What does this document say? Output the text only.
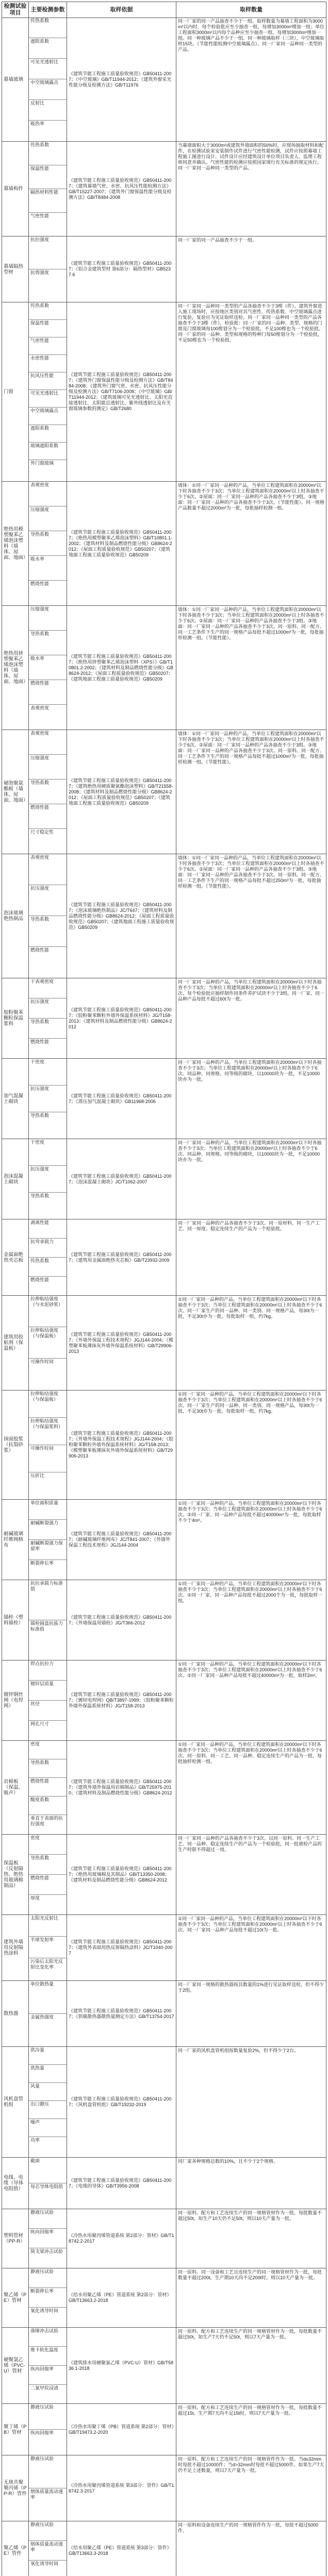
检测试验项目
主要检测参数	取样依据	取样数量
幕墙玻璃
传热系数
遮阳系数
可见光透射比
中空玻璃露点
反射比
吸热率
《建筑节能工程施工质量验收规范》GB50411-2007；《中空玻璃》GB/T11944-2012；《建筑外窗采光性能分级及检测方法》GB/T11976
同一厂家的同一产品抽查不少于一组。取样数量为幕墙工程面积为3000m²以内时，每个检验批应至少抽查一组，每增加3000m²增加一组；单位工程面积3000m²以内每个品种应至少抽查一组，每增加3000m²增加一组。同一种玻璃产品不少于一组。同一种玻璃取样（三块），中空玻璃取样15块。（节能性能检测中空玻璃露点）。同一厂家同一品种同一类型的产品。
幕墙构件
传热系数
保温性能
隔热材料性能
气密性能
《建筑节能工程施工质量验收规范》GB50411-2007；《建筑幕墙气密、水密、抗风压性能检测方法》GB/T15227-2007；《建筑外门窗保温性能分级及检测方法》GB/T8484-2008
当幕墙面积大于3000m²或建筑外墙面积的50%时，应现场抽取材料和配件，在检测试验室安装制作试件进行气密性能检测，试件应按照幕墙工程施工图进行设计。试件设计应经建筑设计单位项目负责人、监理工程师同意并确认。气密性能的检测应按照国家现行有关标准的规定执行。同一厂家同一品种同一类型的产品。
幕墙隔热型材
抗拉强度
抗剪强度
《建筑节能工程施工质量验收规范》GB50411-2007；《铝合金建筑型材 第6部分：隔热型材》GB5237.6
同一厂家的同一产品抽查不少于一组。
门窗
传热系数
保温性能
气密性能
水密性能
抗风压性能
可见光透射比
中空玻璃露点
遮阳系数
玻璃遮阳系数
外门窗玻璃
《建筑节能工程施工质量验收规范》GB50411-2007；《建筑外门窗保温性能分级及检测方法》GB/T8484-2008；《建筑外门窗气密、水密、抗风压性能分级及检测方法》GB/T7106-2008；《中空玻璃》GB/T11944-2012；《建筑玻璃可见光透射比、太阳光直接透射比、太阳能总透射比、紫外线透射比及有关窗玻璃参数的测定》GB/T2680
同一厂家同一品种同一类型的产品各抽查不少于3樘（件）。建筑外窗进入施工现场时，应按地区类别对其气密性、传热系数、中空玻璃露点进行复验，复验应为见证取样送检。同一厂家同一品种同一类型的产品各抽查不少于3樘（件），检验批：同一厂家的同一品种、类型、规格的门窗及门窗玻璃每100樘划分为一个检验批，不足100樘也为一个检验批。同一厂家的同一品种、类型和规格的特种门每50樘划分为一个检验批，不足50樘也为一个检验批。
绝热用模塑聚苯乙烯泡沫塑料（墙体、屋面、地面）
表观密度
压缩强度
导热系数
吸水率
燃烧性能
《建筑节能工程施工质量验收规范》GB50411-2007；《绝热用模塑聚苯乙烯泡沫塑料》GB/T10801.1-2002；《建筑材料及制品燃烧性能分级》GB8624-2012；《屋面工程质量验收规范》GB50207；《建筑地面工程施工质量验收规范》GB50209
墙体：①同一厂家同一品种的产品，当单位工程建筑面积在20000m²以下时各抽查不少于3次；当单位工程建筑面积在20000m²以上时各抽查不少于6次。②屋面：同一厂家同一品种的产品各抽查不少于3组。③地面：同一厂家同一品种的产品各抽查不少于3次。（节能性能）。同一规格产品数量不超过2000m³为一批，每批抽样检测一组。
绝热用挤塑聚苯乙烯泡沫塑料（墙体、屋面、地面）
压缩强度
导热系数
吸水率
燃烧性能
表观密度
《建筑节能工程施工质量验收规范》GB50411-2007；《绝热用挤塑聚苯乙烯泡沫塑料（XPS）》GB/T10801.2-2002；《建筑材料及制品燃烧性能分级》GB8624-2012；《屋面工程质量验收规范》GB50207；《建筑地面工程施工质量验收规范》GB50209
墙体：①同一厂家同一品种的产品，当单位工程建筑面积在20000m²以下时各抽查不少于3次；当单位工程建筑面积在20000m²以上时各抽查不少于6次。②屋面：同一厂家同一品种的产品各抽查不少于3组。③地面：同一厂家同一品种的产品各抽查不少于3次。同一原料、同一配方、同一工艺条件下生产的同一规格产品每批不超过1000m³为一批，每批抽样检测一组。（节能性能）。
硬泡聚氨酯板（墙体、屋面、地面）
表观密度
压缩强度
导热系数
燃烧性能
尺寸稳定性
《建筑节能工程施工质量验收规范》GB50411-2007；《建筑绝热用硬质聚氨酯泡沫塑料》GB/T21558-2008；《建筑材料及制品燃烧性能分级》GB8624-2012；《屋面工程质量验收规范》GB50207；《建筑地面工程施工质量验收规范》GB50209
墙体：①同一厂家同一品种的产品，当单位工程建筑面积在20000m²以下时各抽查不少于3次；当单位工程建筑面积在20000m²以上时各抽查不少于6次。②屋面：同一厂家同一品种的产品各抽查不少于3组。③地面：同一厂家同一品种的产品各抽查不少于3次。同一原料、同一配方、同一工艺条件下生产的同一规格产品每批不超过1000m³为一批，每批抽样检测一组。（节能性能）。
泡沫玻璃绝热制品
表观密度
抗压强度
导热系数
燃烧性能
《建筑节能工程施工质量验收规范》GB50411-2007；《泡沫玻璃绝热制品》JC/T647；《建筑材料及制品燃烧性能分级》GB8624-2012；《屋面工程质量验收规范》GB50207；《建筑地面工程施工质量验收规范》GB50209
墙体：①同一厂家同一品种的产品，当单位工程建筑面积在20000m²以下时各抽查不少于3次；当单位工程建筑面积在20000m²以上时各抽查不少于6次。②屋面：同一厂家同一品种的产品各抽查不少于3组。③地面：同一厂家同一品种的产品各抽查不少于3次。同一原料、同一配方、同一工艺条件下生产的同一规格产品每批不超过250m³为一批，每批抽样检测一组。（节能性能）。
胶粉聚苯颗粒保温浆料
干表观密度
抗压强度
导热系数
燃烧性能
《建筑节能工程施工质量验收规范》GB50411-2007；《胶粉聚苯颗粒外墙外保温系统材料》JG/T158-2013；《建筑材料及制品燃烧性能分级》GB8624-2012
同一厂家同一品种的产品，当单位工程建筑面积在20000m²以下时各抽查不少于3次；当单位工程建筑面积在20000m²以上时各抽查不少于6次。每个检验批应抽样制作同条件养护试块不少于3组。同一厂家、同一品种产品每批不超过60t为一批。
加气混凝土砌块
干密度
抗压强度
导热系数
《建筑节能工程施工质量验收规范》GB50411-2007；《蒸压加气混凝土砌块》GB11968-2006
同一厂家同一品种的产品，当单位工程建筑面积在20000m²以下时各抽查不少于3次；当单位工程建筑面积在20000m²以上时各抽查不少于6次。同品种、同规格、同等级的砌块，以10000块为一批，不足10000块亦为一批。
泡沫混凝土砌块
干密度
抗压强度
导热系数
《建筑节能工程施工质量验收规范》GB50411-2007；《泡沫混凝土砌块》JC/T1062-2007
同一厂家同一品种的产品，当单位工程建筑面积在20000m²以下时各抽查不少于3次；当单位工程建筑面积在20000m²以上时各抽查不少于6次。同品种、同规格、同等级的砌块，以10000块为一批，不足10000块亦为一批。
金属面绝热夹芯板
剥离性能
抗弯承载力
传热系数
燃烧性能
《建筑节能工程施工质量验收规范》GB50411-2007；《建筑用金属面绝热夹芯板》GB/T23932-2009
同一厂家同一品种的产品各抽查不少于3次。同一原材料、同一生产工艺、同一厚度、稳定连续生产的产品为一个检验批。
建筑用胶粘剂（保温板）
拉伸粘结强度（与水泥砂浆）
拉伸粘结强度（与保温板）
可操作时间
《建筑节能工程施工质量验收规范》GB50411-2007；《外墙外保温工程技术规程》JGJ144-2004；《模塑聚苯板薄抹灰外墙外保温系统材料》GB/T29906-2013
①同一厂家同一品种的产品，当单位工程建筑面积在20000m²以下时各抽查不少于3次；当单位工程建筑面积在20000m²以上时各抽查不少于6次。同一厂家生产的同一品种、同一类别、同一规格产品，每30t为一批，不足30t亦为一批。每批取样一组，约7kg。
抹面胶浆（抗裂砂浆）
拉伸粘结强度（与保温板）
拉伸粘结强度（与保温浆料）
可操作时间
压折比
《建筑节能工程施工质量验收规范》GB50411-2007；《外墙外保温工程技术规程》JGJ144-2004；《胶粉聚苯颗粒外墙外保温系统材料》JG/T158-2013；《模塑聚苯板薄抹灰外墙外保温系统材料》GB/T29906-2013
①同一厂家同一品种的产品，当单位工程建筑面积在20000m²以下时各抽查不少于3次；当单位工程建筑面积在20000m²以上时各抽查不少于6次。同一厂家生产的同一品种、同一类别、同一规格产品，每30t为一批，不足30t亦为一批。每批取样一组，约7kg。
耐碱玻璃纤维网格布
单位面积质量
耐碱断裂强力
耐碱断裂强力保留率
断裂伸长率
《建筑节能工程施工质量验收规范》GB50411-2007；《耐碱玻璃纤维网布》JC/T841-2007；《外墙外保温工程技术规程》JGJ144-2004
①同一厂家同一品种的产品，当单位工程建筑面积在20000m²以下时各抽查不少于3次；当单位工程建筑面积在20000m²以上时各抽查不少于6次。②同一厂家、同一品种产品每批不超过40000m²为一批，每批取样不少于4m²。
锚栓（塑料锚栓）
抗拉承载力标准值
锚栓圆盘抗拔力标准值
《建筑节能工程施工质量验收规范》GB50411-2007；《外墙保温用锚栓》JG/T366-2012
①同一厂家同一品种的产品，当单位工程建筑面积在20000m²以下时各抽查不少于3次；当单位工程建筑面积在20000m²以上时各抽查不少于6次。②同一厂家、同一品种产品每批不超过2000个为一批，每批取样一组。
镀锌钢丝网（电焊网）
焊点抗拉力
镀锌层质量
丝径
网孔尺寸
《建筑节能工程施工质量验收规范》GB50411-2007；《镀锌电焊网》QB/T3897-1999；《胶粉聚苯颗粒外墙外保温系统材料》JG/T158-2013
①同一厂家同一品种的产品，当单位工程建筑面积在20000m²以下时各抽查不少于3次；当单位工程建筑面积在20000m²以上时各抽查不少于6次。②同一厂家同一品种产品每批不超过40000m²为一批，取样2m²。
岩棉板（保温、吸声）
密度
导热系数
燃烧性能
酸度系数
垂直于表面的抗拉强度
《建筑节能工程施工质量验收规范》GB50411-2007；《建筑外墙外保温用岩棉制品》GB/T25975-2010；《建筑材料及制品燃烧性能分级》GB8624-2012
①同一厂家同一品种的产品，当单位工程建筑面积在20000m²以下时各抽查不少于3次；当单位工程建筑面积在20000m²以上时各抽查不少于6次。同一原料、同一工艺、同一品种、稳定连续生产的产品为一批，每批抽样检测一组。
保温板（反射隔热、绝热用玻璃棉制品）
密度
导热系数
燃烧性能
厚度
《建筑节能工程施工质量验收规范》GB50411-2007；《绝热用玻璃棉及其制品》GB/T13350-2008；《建筑材料及制品燃烧性能分级》GB8624-2012
同一厂家同一品种的产品各抽查不少于3次。以同一原料、同一生产工艺、同一品种、稳定连续生产的产品为一个检验批，同一批被检产品的生产时限不得超过一周。
建筑外墙用反射隔热涂料
太阳光反射比
半球发射率
污染后太阳光反射比变化率
《建筑节能工程施工质量验收规范》GB50411-2007；《建筑外表面用热反射隔热涂料》JC/T1040-2007
①同一厂家同一品种的产品，当单位工程建筑面积在20000m²以下时各抽查不少于3次；当单位工程建筑面积在20000m²以上时各抽查不少于6次。同一厂家同一品种产品每批不超过10t为一批。
散热器
单位散热量
金属热强度
《建筑节能工程施工质量验收规范》GB50411-2007；《供暖散热器散热量测定方法》GB/T13754-2017
同一厂家同一规格的散热器按其数量的1%进行见证取样送检，但不得少于2组。
风机盘管机组
供冷量
供热量
风量
出口静压
噪声
功率
《建筑节能工程施工质量验收规范》GB50411-2007；《风机盘管机组》GB/T19232-2019
同一厂家的风机盘管机组按数量复验2%，但不得少于2台。
电线、电缆（导体电阻值）
截面
每芯导体电阻值
《建筑节能工程施工质量验收规范》GB50411-2007；《电缆的导体》GB/T3956-2008
同厂家各种规格总数的10%，且不少于2个规格。
塑料管材（PP-R）
静液压试验
纵向回缩率
简支梁冲击试验
《冷热水用聚丙烯管道系统 第2部分：管材》GB/T18742.2-2017
同一原料、配方和工艺连续生产的同一规格管材作为一批，每批数量不超过50t，如生产10天仍不足50t，则以10天产量为一批。
聚乙烯（PE）管材
静液压试验
断裂伸长率
氧化诱导时间
《给水用聚乙烯（PE）管道系统 第2部分：管材》GB/T13663.2-2018
同一原料、同一设备和工艺且连续生产的同一规格管材作为一批，每批数量不超过200t。生产期10天尚不足200t时，则以10天产量为一批。
硬聚氯乙烯（PVC-U）管材
落锤冲击试验
维卡软化温度
纵向回缩率
二氯甲烷浸渍
《建筑排水用硬聚氯乙烯（PVC-U）管材》GB/T5836.1-2018
同一原料、配方和工艺连续生产的同一规格管材作为一批，每批数量不超过50t，如生产7天仍不足50t，则以7天产量为一批。
聚丁烯（PB）管材
静液压试验
纵向回缩率
《冷热水用聚丁烯（PB）管道系统 第2部分：管材》GB/T19473.2-2020
同一原料、配方和工艺连续生产的同一规格管材作为一批，每批数量不超过15t。生产期7天尚不足15t时，则以7天产量为一批。
无规共聚聚丙烯（PP-R）管件
静液压试验
熔体质量流动速率
《冷热水用聚丙烯管道系统 第3部分：管件》GB/T18742.3-2017
同一原料、配方和工艺连续生产的同一规格管件作为一批。当d≤32mm时每批不超过10000件；当d>32mm时每批不超过5000件。如果生产7天仍不足上述数量，则以7天产量为一批。
聚乙烯（PE）管件
静液压试验
熔体质量流动速率
氧化诱导时间
《给水用聚乙烯（PE）管道系统 第3部分：管件》GB/T13663.3-2018
同一原料和设备连续生产的同一规格管件作为一批，每批不超过5000件。
